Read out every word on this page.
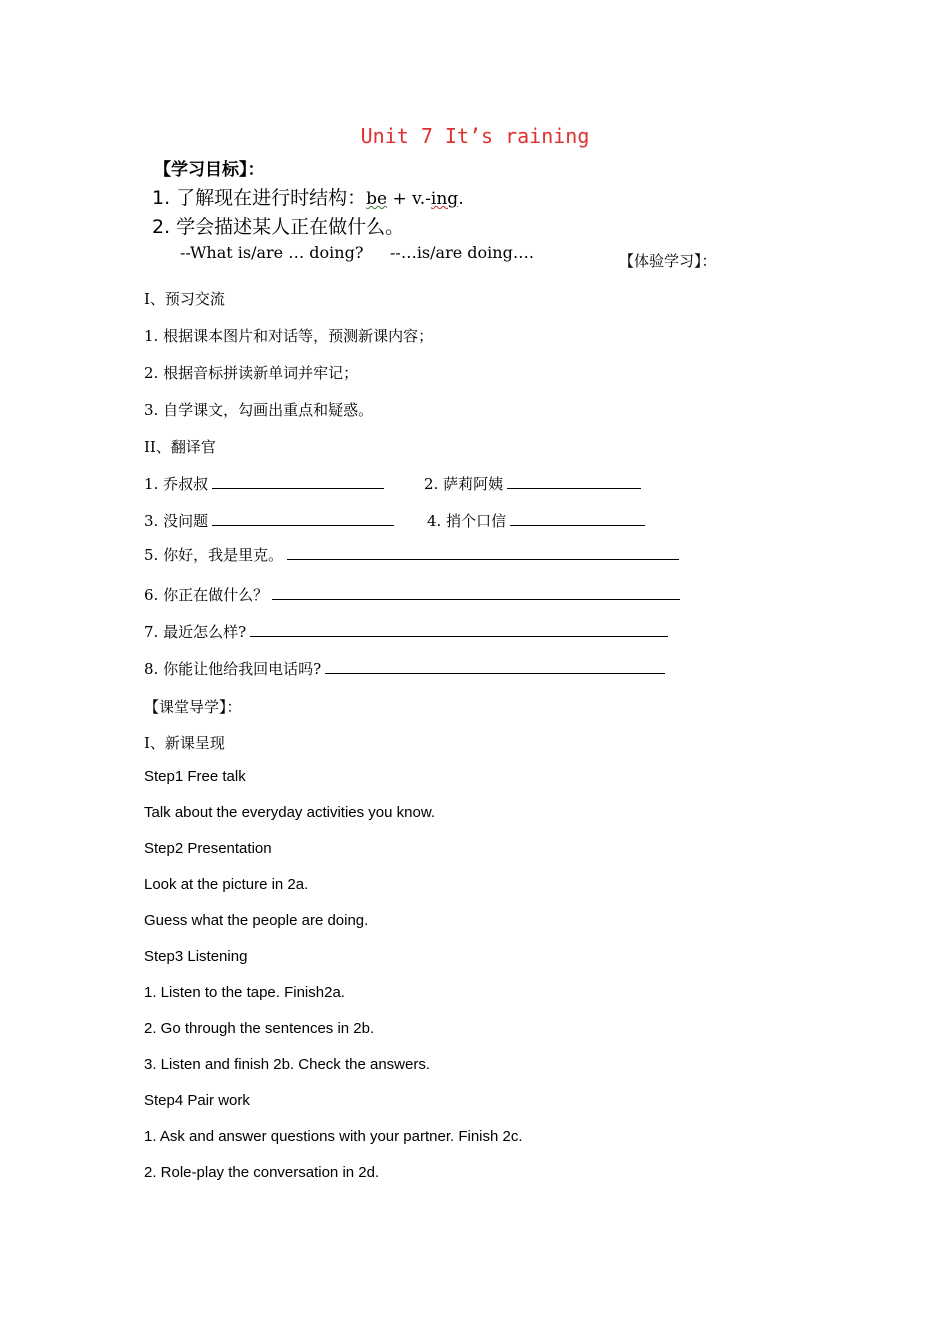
Unit 7 It’s raining
【学习目标】：
1. 了解现在进行时结构：be + v.-ing.
2. 学会描述某人正在做什么。
--What is/are … doing? --…is/are doing….	【体验学习】：
I、预习交流
1. 根据课本图片和对话等，预测新课内容；
2. 根据音标拼读新单词并牢记；
3. 自学课文，勾画出重点和疑惑。
II、翻译官
1. 乔叔叔	2. 萨莉阿姨
3. 没问题	4. 捎个口信
5. 你好，我是里克。
6. 你正在做什么？
7. 最近怎么样?
8. 你能让他给我回电话吗?
【课堂导学】：
I、新课呈现
Step1 Free talk
Talk about the everyday activities you know.
Step2 Presentation
Look at the picture in 2a.
Guess what the people are doing.
Step3 Listening
1. Listen to the tape. Finish2a.
2. Go through the sentences in 2b.
3. Listen and finish 2b. Check the answers.
Step4 Pair work
1. Ask and answer questions with your partner. Finish 2c.
2. Role-play the conversation in 2d.
